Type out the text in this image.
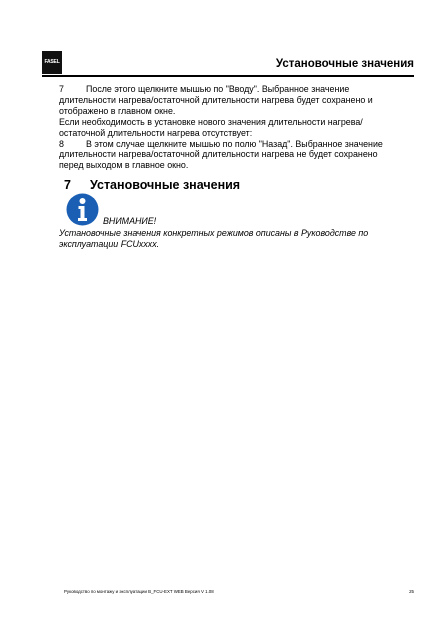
FASEL	Установочные значения

7 После этого щелкните мышью по "Вводу". Выбранное значение длительности нагрева/остаточной длительности нагрева будет сохранено и отображено в главном окне.

Если необходимость в установке нового значения длительности нагрева/остаточной длительности нагрева отсутствует:

8 В этом случае щелкните мышью по полю "Назад". Выбранное значение длительности нагрева/остаточной длительности нагрева не будет сохранено перед выходом в главное окно.

7 Установочные значения
ВНИМАНИЕ!
Установочные значения конкретных режимов описаны в Руководстве по эксплуатации FCUxxxx.
Руководство по монтажу и эксплуатации B_FCU-EXT WEB Версия V 1.08	25
